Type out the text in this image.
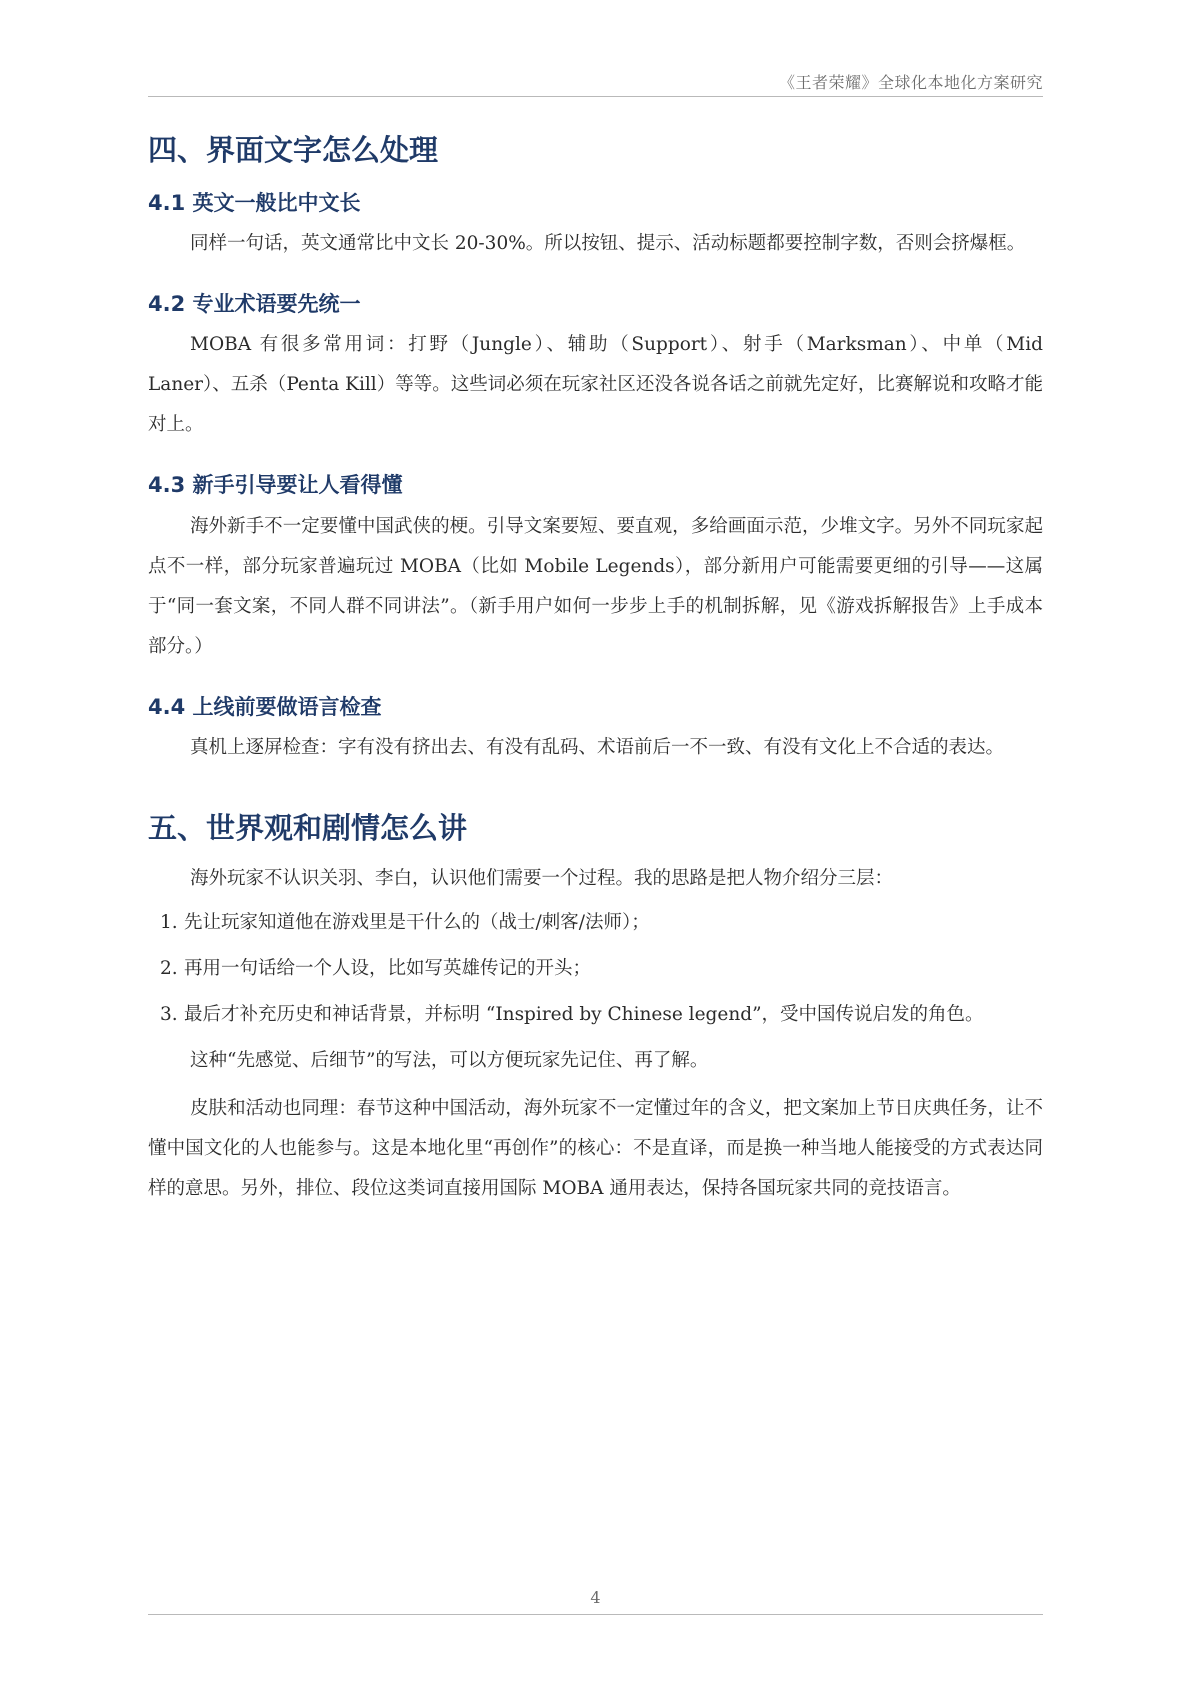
《王者荣耀》全球化本地化方案研究
四、界面文字怎么处理
4.1 英文一般比中文长

同样一句话，英文通常比中文长 20-30%。所以按钮、提示、活动标题都要控制字数，否则会挤爆框。

4.2 专业术语要先统一

MOBA 有很多常用词：打野（Jungle）、辅助（Support）、射手（Marksman）、中单（Mid Laner）、五杀（Penta Kill）等等。这些词必须在玩家社区还没各说各话之前就先定好，比赛解说和攻略才能对上。

4.3 新手引导要让人看得懂

海外新手不一定要懂中国武侠的梗。引导文案要短、要直观，多给画面示范，少堆文字。另外不同玩家起点不一样，部分玩家普遍玩过 MOBA（比如 Mobile Legends），部分新用户可能需要更细的引导——这属于“同一套文案，不同人群不同讲法”。（新手用户如何一步步上手的机制拆解，见《游戏拆解报告》上手成本部分。）

4.4 上线前要做语言检查

真机上逐屏检查：字有没有挤出去、有没有乱码、术语前后一不一致、有没有文化上不合适的表达。

五、世界观和剧情怎么讲

海外玩家不认识关羽、李白，认识他们需要一个过程。我的思路是把人物介绍分三层：

1. 先让玩家知道他在游戏里是干什么的（战士/刺客/法师）；
2. 再用一句话给一个人设，比如写英雄传记的开头；
3. 最后才补充历史和神话背景，并标明 “Inspired by Chinese legend”，受中国传说启发的角色。

这种“先感觉、后细节”的写法，可以方便玩家先记住、再了解。

皮肤和活动也同理：春节这种中国活动，海外玩家不一定懂过年的含义，把文案加上节日庆典任务，让不懂中国文化的人也能参与。这是本地化里“再创作”的核心：不是直译，而是换一种当地人能接受的方式表达同样的意思。另外，排位、段位这类词直接用国际 MOBA 通用表达，保持各国玩家共同的竞技语言。

4
